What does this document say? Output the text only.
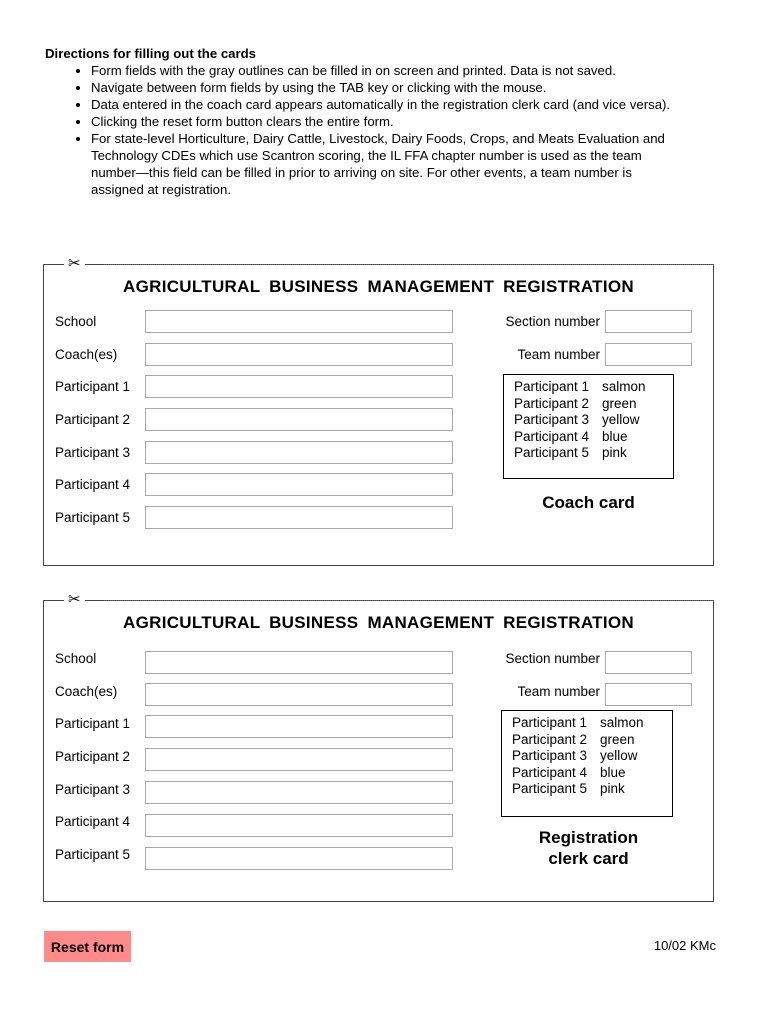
Directions for filling out the cards
• Form fields with the gray outlines can be filled in on screen and printed. Data is not saved.
• Navigate between form fields by using the TAB key or clicking with the mouse.
• Data entered in the coach card appears automatically in the registration clerk card (and vice versa).
• Clicking the reset form button clears the entire form.
• For state-level Horticulture, Dairy Cattle, Livestock, Dairy Foods, Crops, and Meats Evaluation and Technology CDEs which use Scantron scoring, the IL FFA chapter number is used as the team number—this field can be filled in prior to arriving on site. For other events, a team number is assigned at registration.
✂
AGRICULTURAL BUSINESS MANAGEMENT REGISTRATION
School
Coach(es)
Participant 1
Participant 2
Participant 3
Participant 4
Participant 5
Section number
Team number
Participant 1 salmon
Participant 2 green
Participant 3 yellow
Participant 4 blue
Participant 5 pink
Coach card
✂
AGRICULTURAL BUSINESS MANAGEMENT REGISTRATION
School
Coach(es)
Participant 1
Participant 2
Participant 3
Participant 4
Participant 5
Section number
Team number
Participant 1 salmon
Participant 2 green
Participant 3 yellow
Participant 4 blue
Participant 5 pink
Registration
clerk card
Reset form	10/02 KMc
